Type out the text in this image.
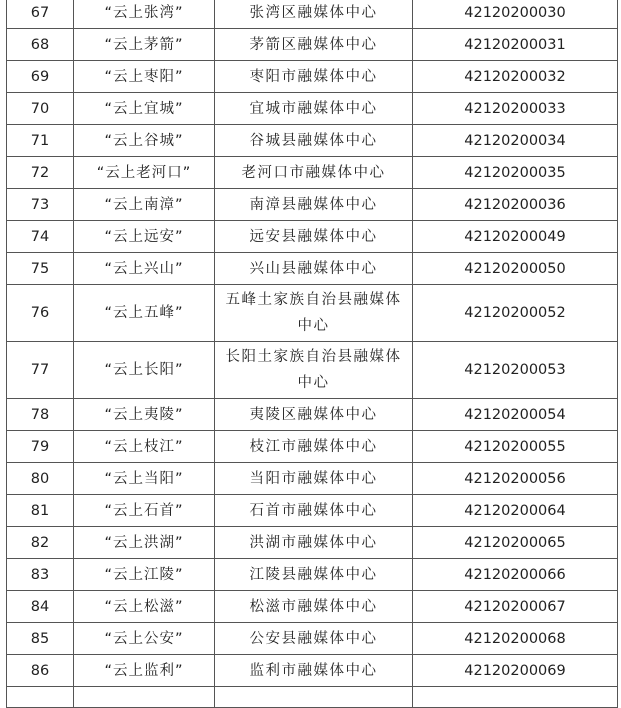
67	“云上张湾”	张湾区融媒体中心	42120200030
68	“云上茅箭”	茅箭区融媒体中心	42120200031
69	“云上枣阳”	枣阳市融媒体中心	42120200032
70	“云上宜城”	宜城市融媒体中心	42120200033
71	“云上谷城”	谷城县融媒体中心	42120200034
72	“云上老河口”	老河口市融媒体中心	42120200035
73	“云上南漳”	南漳县融媒体中心	42120200036
74	“云上远安”	远安县融媒体中心	42120200049
75	“云上兴山”	兴山县融媒体中心	42120200050
76	“云上五峰”	五峰土家族自治县融媒体中心	42120200052
77	“云上长阳”	长阳土家族自治县融媒体中心	42120200053
78	“云上夷陵”	夷陵区融媒体中心	42120200054
79	“云上枝江”	枝江市融媒体中心	42120200055
80	“云上当阳”	当阳市融媒体中心	42120200056
81	“云上石首”	石首市融媒体中心	42120200064
82	“云上洪湖”	洪湖市融媒体中心	42120200065
83	“云上江陵”	江陵县融媒体中心	42120200066
84	“云上松滋”	松滋市融媒体中心	42120200067
85	“云上公安”	公安县融媒体中心	42120200068
86	“云上监利”	监利市融媒体中心	42120200069
